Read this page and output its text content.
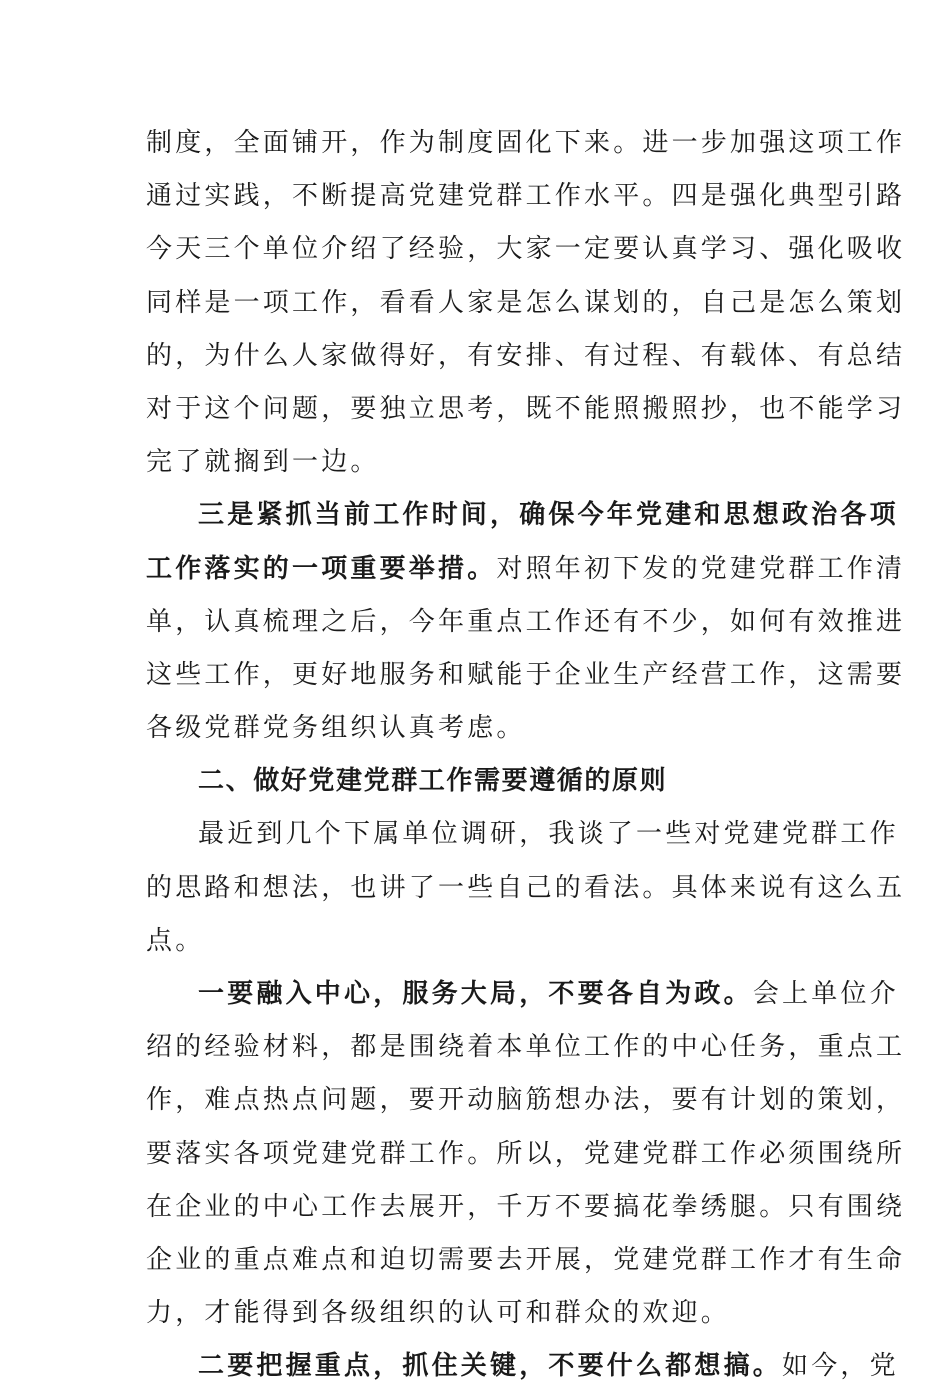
制度，全面铺开，作为制度固化下来。进一步加强这项工作
通过实践，不断提高党建党群工作水平。四是强化典型引路
今天三个单位介绍了经验，大家一定要认真学习、强化吸收
同样是一项工作，看看人家是怎么谋划的，自己是怎么策划
的，为什么人家做得好，有安排、有过程、有载体、有总结
对于这个问题，要独立思考，既不能照搬照抄，也不能学习
完了就搁到一边。
三是紧抓当前工作时间，确保今年党建和思想政治各项
工作落实的一项重要举措。对照年初下发的党建党群工作清
单，认真梳理之后，今年重点工作还有不少，如何有效推进
这些工作，更好地服务和赋能于企业生产经营工作，这需要
各级党群党务组织认真考虑。
二、做好党建党群工作需要遵循的原则
最近到几个下属单位调研，我谈了一些对党建党群工作
的思路和想法，也讲了一些自己的看法。具体来说有这么五
点。
一要融入中心，服务大局，不要各自为政。会上单位介
绍的经验材料，都是围绕着本单位工作的中心任务，重点工
作，难点热点问题，要开动脑筋想办法，要有计划的策划，
要落实各项党建党群工作。所以，党建党群工作必须围绕所
在企业的中心工作去展开，千万不要搞花拳绣腿。只有围绕
企业的重点难点和迫切需要去开展，党建党群工作才有生命
力，才能得到各级组织的认可和群众的欢迎。
二要把握重点，抓住关键，不要什么都想搞。如今，党
